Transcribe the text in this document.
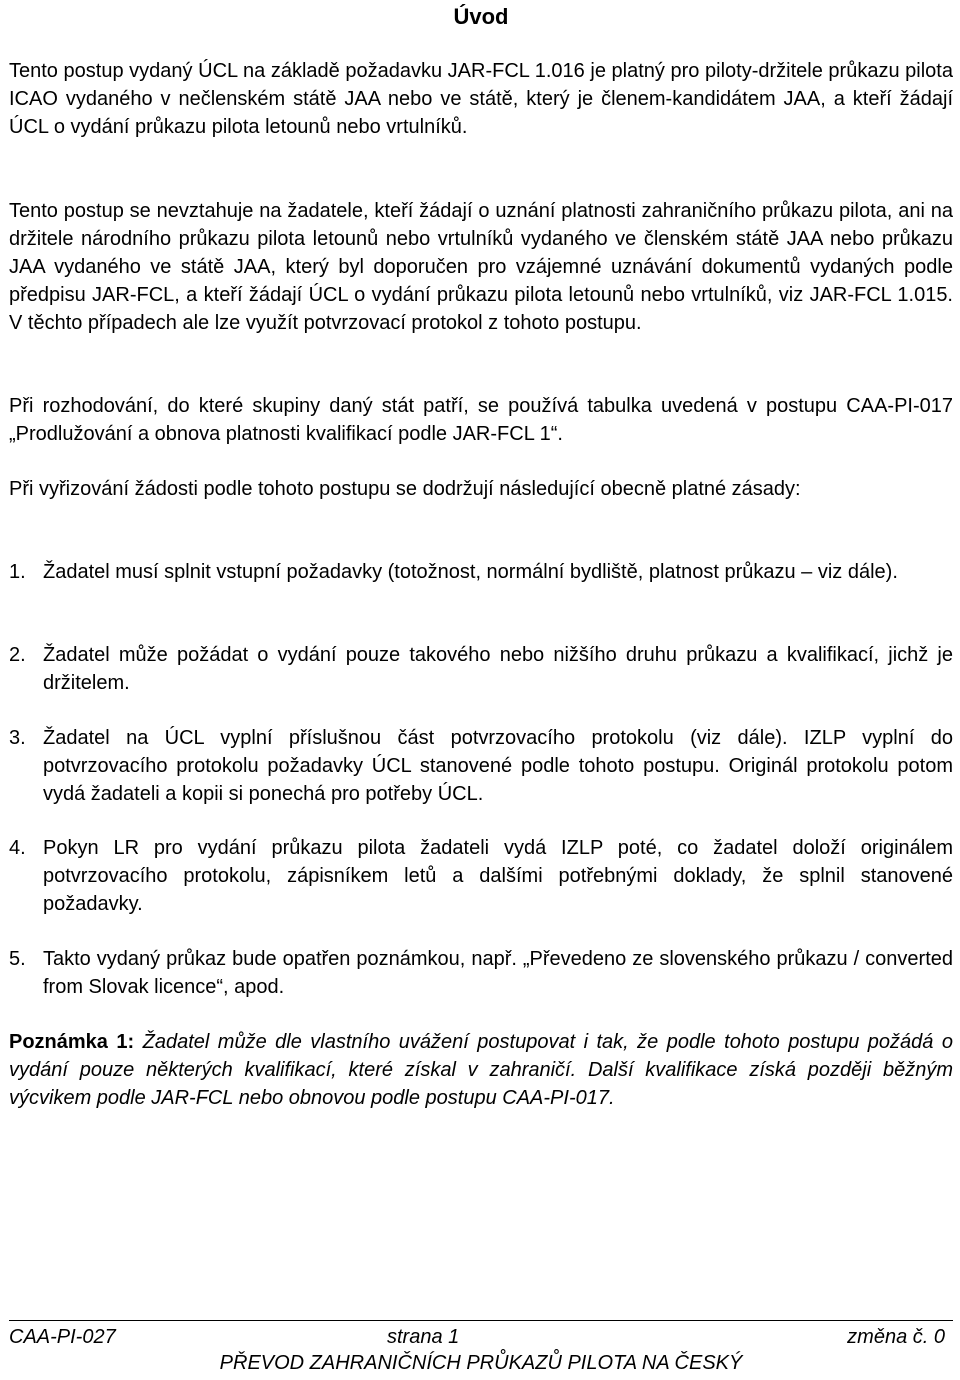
Úvod
Tento postup vydaný ÚCL na základě požadavku JAR-FCL 1.016 je platný pro piloty-držitele průkazu pilota ICAO vydaného v nečlenském státě JAA nebo ve státě, který je členem-kandidátem JAA, a kteří žádají ÚCL o vydání průkazu pilota letounů nebo vrtulníků.
Tento postup se nevztahuje na žadatele, kteří žádají o uznání platnosti zahraničního průkazu pilota, ani na držitele národního průkazu pilota letounů nebo vrtulníků vydaného ve členském státě JAA nebo průkazu JAA vydaného ve státě JAA, který byl doporučen pro vzájemné uznávání dokumentů vydaných podle předpisu JAR-FCL, a kteří žádají ÚCL o vydání průkazu pilota letounů nebo vrtulníků, viz JAR-FCL 1.015. V těchto případech ale lze využít potvrzovací protokol z tohoto postupu.
Při rozhodování, do které skupiny daný stát patří, se používá tabulka uvedená v postupu CAA-PI-017 „Prodlužování a obnova platnosti kvalifikací podle JAR-FCL 1“.
Při vyřizování žádosti podle tohoto postupu se dodržují následující obecně platné zásady:
1. Žadatel musí splnit vstupní požadavky (totožnost, normální bydliště, platnost průkazu – viz dále).
2. Žadatel může požádat o vydání pouze takového nebo nižšího druhu průkazu a kvalifikací, jichž je držitelem.
3. Žadatel na ÚCL vyplní příslušnou část potvrzovacího protokolu (viz dále). IZLP vyplní do potvrzovacího protokolu požadavky ÚCL stanovené podle tohoto postupu. Originál protokolu potom vydá žadateli a kopii si ponechá pro potřeby ÚCL.
4. Pokyn LR pro vydání průkazu pilota žadateli vydá IZLP poté, co žadatel doloží originálem potvrzovacího protokolu, zápisníkem letů a dalšími potřebnými doklady, že splnil stanovené požadavky.
5. Takto vydaný průkaz bude opatřen poznámkou, např. „Převedeno ze slovenského průkazu / converted from Slovak licence“, apod.
Poznámka 1: Žadatel může dle vlastního uvážení postupovat i tak, že podle tohoto postupu požádá o vydání pouze některých kvalifikací, které získal v zahraničí. Další kvalifikace získá později běžným výcvikem podle JAR-FCL nebo obnovou podle postupu CAA-PI-017.
CAA-PI-027	strana 1	změna č. 0
PŘEVOD ZAHRANIČNÍCH PRŮKAZŮ PILOTA NA ČESKÝ
